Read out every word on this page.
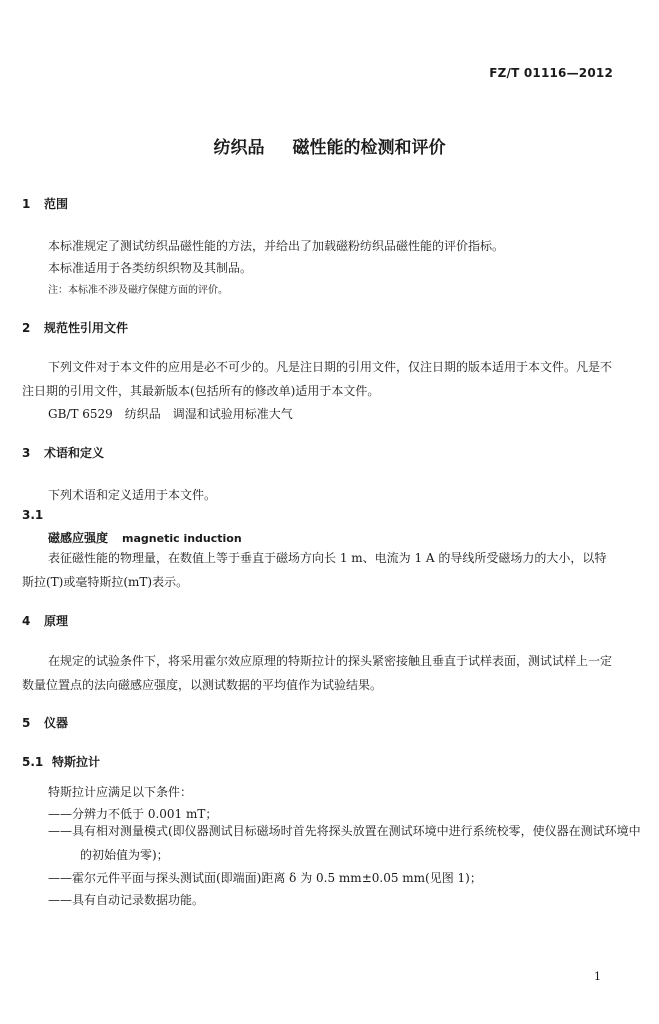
FZ/T 01116—2012
纺织品 磁性能的检测和评价
1 范围
本标准规定了测试纺织品磁性能的方法，并给出了加载磁粉纺织品磁性能的评价指标。
本标准适用于各类纺织织物及其制品。
注：本标准不涉及磁疗保健方面的评价。
2 规范性引用文件
下列文件对于本文件的应用是必不可少的。凡是注日期的引用文件，仅注日期的版本适用于本文件。凡是不注日期的引用文件，其最新版本(包括所有的修改单)适用于本文件。
GB/T 6529　纺织品　调湿和试验用标准大气
3 术语和定义
下列术语和定义适用于本文件。
3.1
磁感应强度 magnetic induction
表征磁性能的物理量，在数值上等于垂直于磁场方向长 1 m、电流为 1 A 的导线所受磁场力的大小，以特斯拉(T)或毫特斯拉(mT)表示。
4 原理
在规定的试验条件下，将采用霍尔效应原理的特斯拉计的探头紧密接触且垂直于试样表面，测试试样上一定数量位置点的法向磁感应强度，以测试数据的平均值作为试验结果。
5 仪器
5.1 特斯拉计
特斯拉计应满足以下条件：
——分辨力不低于 0.001 mT；
——具有相对测量模式(即仪器测试目标磁场时首先将探头放置在测试环境中进行系统校零，使仪器在测试环境中的初始值为零)；
——霍尔元件平面与探头测试面(即端面)距离 δ 为 0.5 mm±0.05 mm(见图 1)；
——具有自动记录数据功能。
1
